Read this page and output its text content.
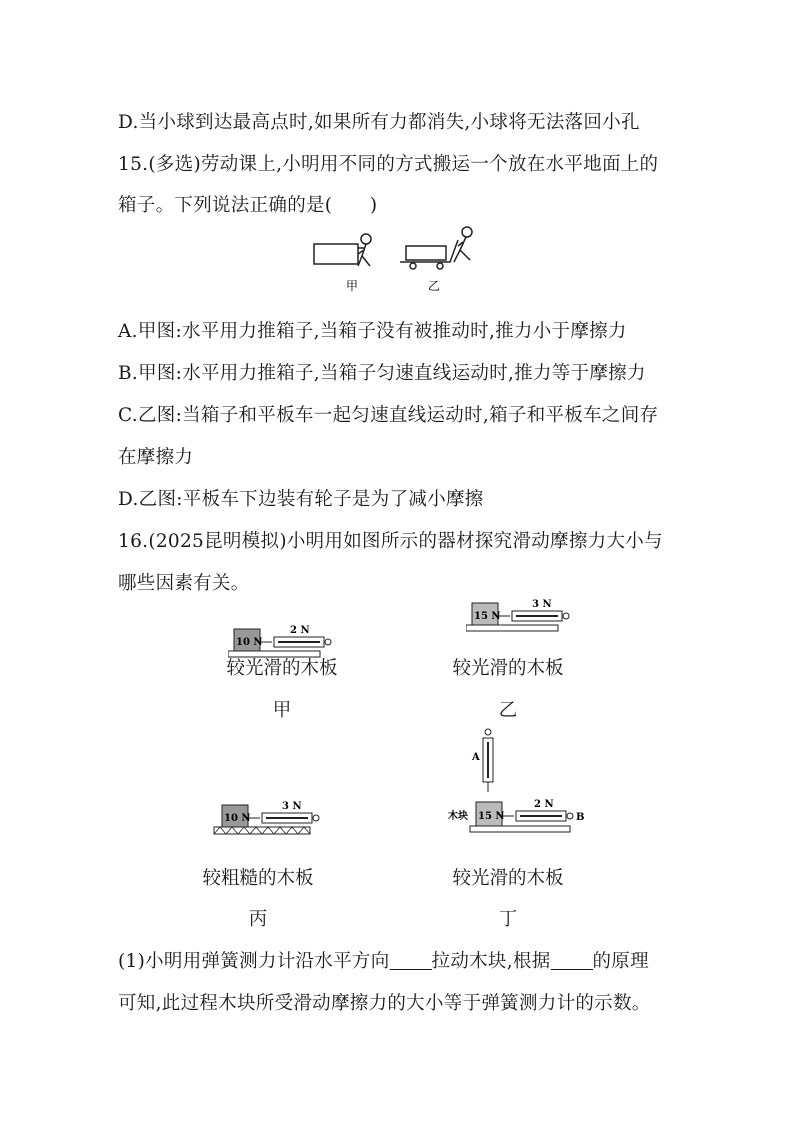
D.当小球到达最高点时,如果所有力都消失,小球将无法落回小孔
15.(多选)劳动课上,小明用不同的方式搬运一个放在水平地面上的
箱子。下列说法正确的是(　　)
甲	乙
A.甲图:水平用力推箱子,当箱子没有被推动时,推力小于摩擦力
B.甲图:水平用力推箱子,当箱子匀速直线运动时,推力等于摩擦力
C.乙图:当箱子和平板车一起匀速直线运动时,箱子和平板车之间存
在摩擦力
D.乙图:平板车下边装有轮子是为了减小摩擦
16.(2025昆明模拟)小明用如图所示的器材探究滑动摩擦力大小与
哪些因素有关。
10 N
2 N
较光滑的木板
甲
15 N
3 N
较光滑的木板
乙
10 N
3 N
较粗糙的木板
丙
A
15 N
木块	B
2 N
较光滑的木板
丁
(1)小明用弹簧测力计沿水平方向 拉动木块,根据 的原理
可知,此过程木块所受滑动摩擦力的大小等于弹簧测力计的示数。
